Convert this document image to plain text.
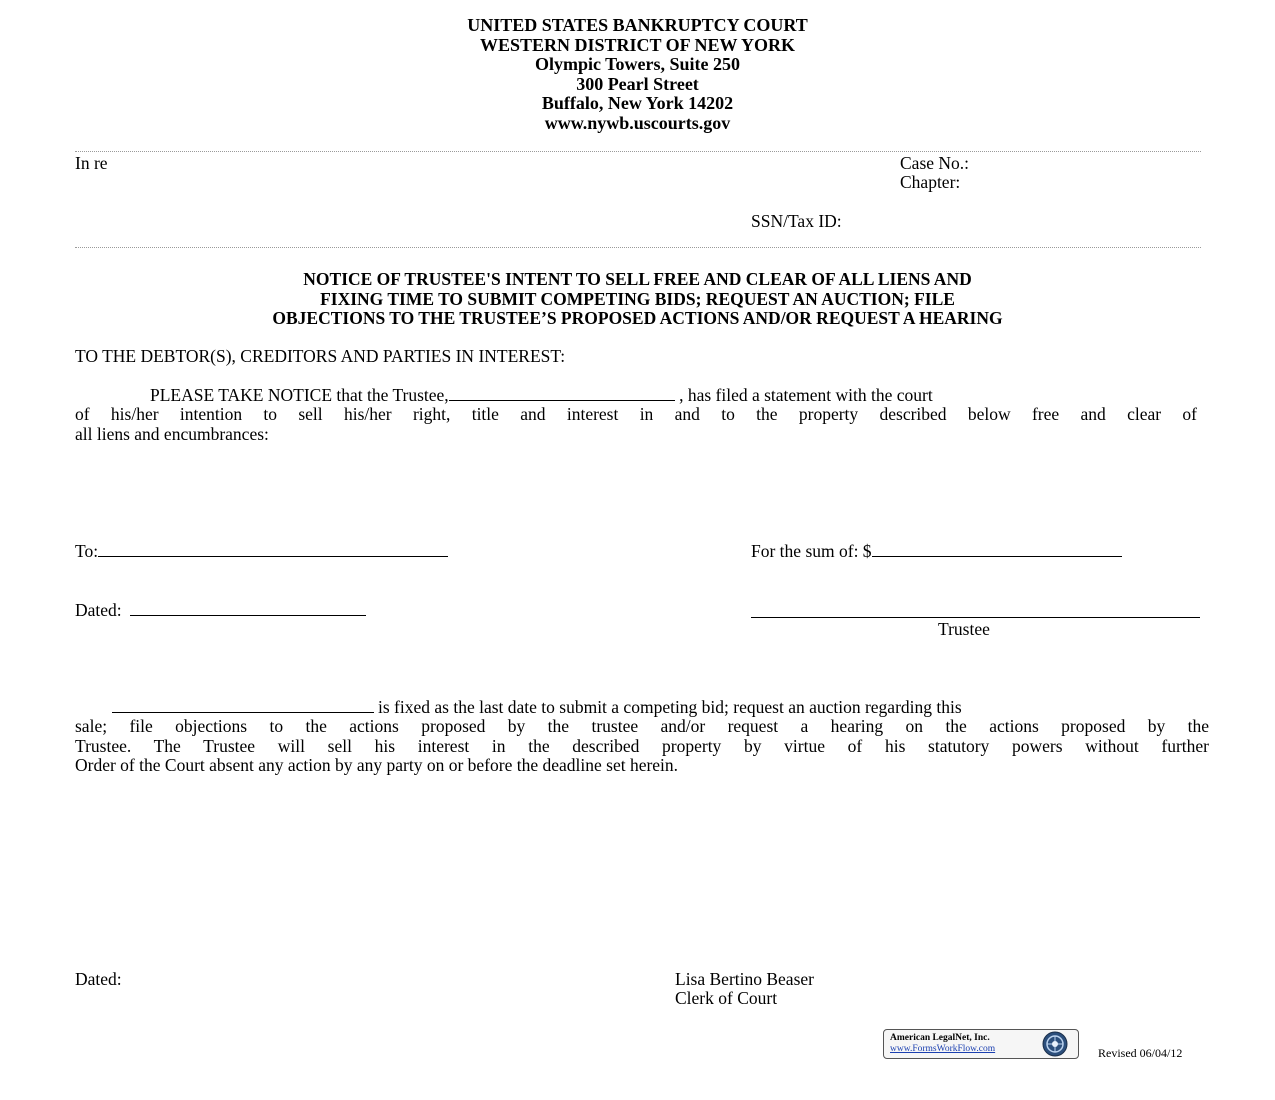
UNITED STATES BANKRUPTCY COURT
WESTERN DISTRICT OF NEW YORK
Olympic Towers, Suite 250
300 Pearl Street
Buffalo, New York 14202
www.nywb.uscourts.gov
In re	Case No.:
Chapter:
SSN/Tax ID:
NOTICE OF TRUSTEE'S INTENT TO SELL FREE AND CLEAR OF ALL LIENS AND
FIXING TIME TO SUBMIT COMPETING BIDS; REQUEST AN AUCTION; FILE
OBJECTIONS TO THE TRUSTEE’S PROPOSED ACTIONS AND/OR REQUEST A HEARING
TO THE DEBTOR(S), CREDITORS AND PARTIES IN INTEREST:
PLEASE TAKE NOTICE that the Trustee,	, has filed a statement with the court
of his/her intention to sell his/her right, title and interest in and to the property described below free and clear of
all liens and encumbrances:
To:	For the sum of: $
Dated:
Trustee
is fixed as the last date to submit a competing bid; request an auction regarding this
sale; file objections to the actions proposed by the trustee and/or request a hearing on the actions proposed by the
Trustee. The Trustee will sell his interest in the described property by virtue of his statutory powers without further
Order of the Court absent any action by any party on or before the deadline set herein.
Dated:	Lisa Bertino Beaser
Clerk of Court
American LegalNet, Inc.
www.FormsWorkFlow.com	Revised 06/04/12
